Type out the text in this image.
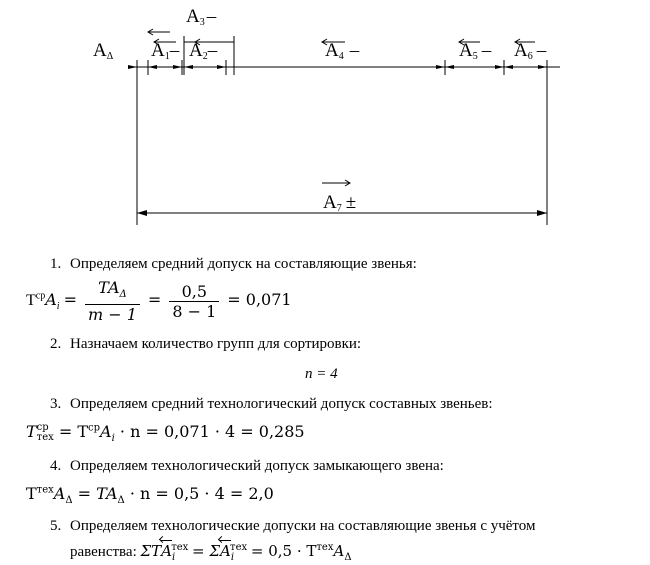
AΔ A1– A2–
A3 –
A4 –	A5 – A6 –
A7 ±
1. Определяем средний допуск на составляющие звенья:
$Т^{ср}A_i = \frac{TA_\Delta}{m - 1} = \frac{0,5}{8 - 1} = 0,071$
2. Назначаем количество групп для сортировки:
n = 4
3. Определяем средний технологический допуск составных звеньев:
T ср
тех = $Т^{ср}A_i \cdot n = 0,071 \cdot 4 = 0,285$
4. Определяем технологический допуск замыкающего звена:
$Т^{тех}A_\Delta = TA_\Delta \cdot n = 0,5 \cdot 4 = 2,0$
5. Определяем технологические допуски на составляющие звенья с учётом
равенства: $\Sigma ТA_i^{тех} = \Sigma A_i^{тех} = 0,5 \cdot Т^{тех}A_\Delta$
